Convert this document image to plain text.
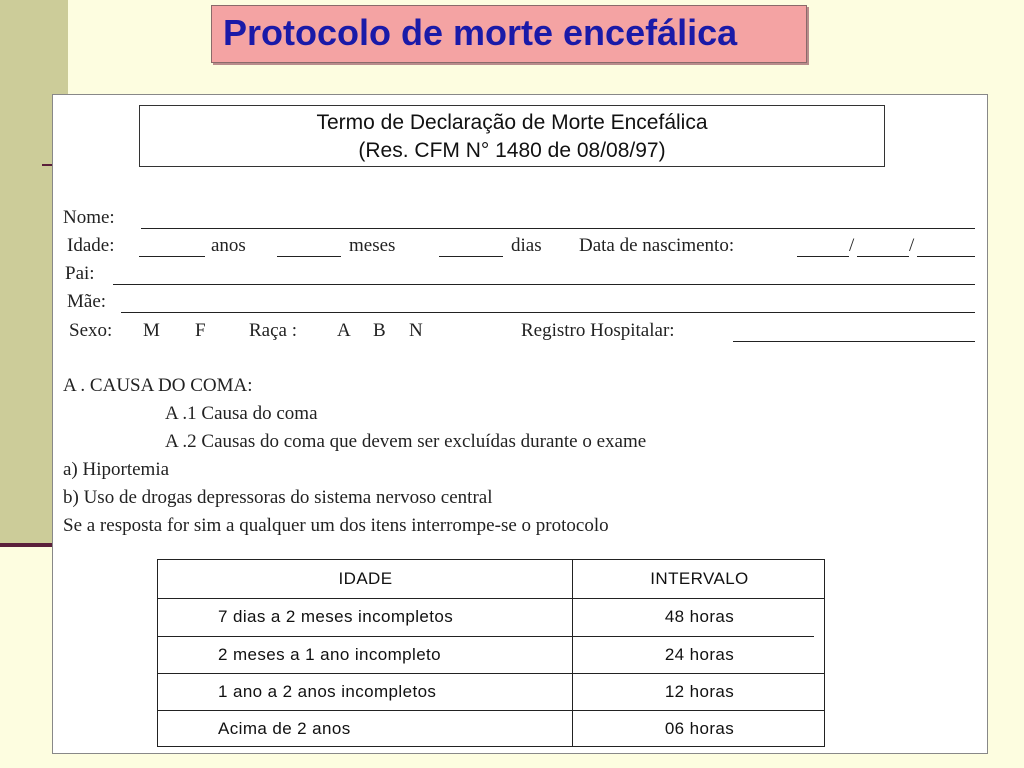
Protocolo de morte encefálica
Termo de Declaração de Morte Encefálica
(Res. CFM N° 1480 de 08/08/97)
Nome:
Idade:	anos	meses	dias Data de nascimento:	/	/
Pai:
Mãe:
Sexo: M F Raça : A B N	Registro Hospitalar:
A . CAUSA DO COMA:
A .1 Causa do coma
A .2 Causas do coma que devem ser excluídas durante o exame
a) Hiportemia
b) Uso de drogas depressoras do sistema nervoso central
Se a resposta for sim a qualquer um dos itens interrompe-se o protocolo
IDADE	INTERVALO
7 dias a 2 meses incompletos	48 horas
2 meses a 1 ano incompleto	24 horas
1 ano a 2 anos incompletos	12 horas
Acima de 2 anos	06 horas
